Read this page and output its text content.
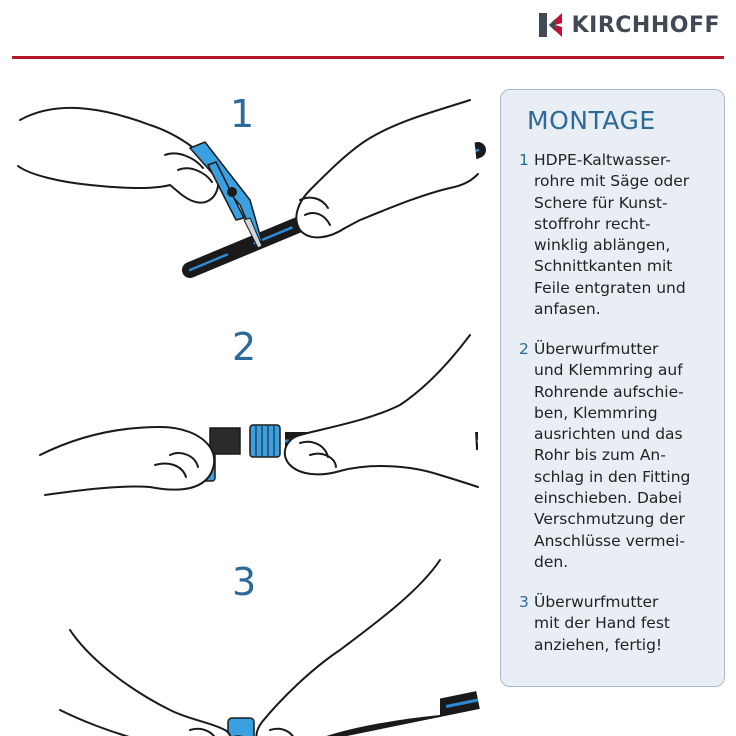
KIRCHHOFF
1
2
3
MONTAGE
1 HDPE-Kaltwasser-
rohre mit Säge oder
Schere für Kunst-
stoffrohr recht-
winklig ablängen,
Schnittkanten mit
Feile entgraten und
anfasen.
2 Überwurfmutter
und Klemmring auf
Rohrende aufschie-
ben, Klemmring
ausrichten und das
Rohr bis zum An-
schlag in den Fitting
einschieben. Dabei
Verschmutzung der
Anschlüsse vermei-
den.
3 Überwurfmutter
mit der Hand fest
anziehen, fertig!
